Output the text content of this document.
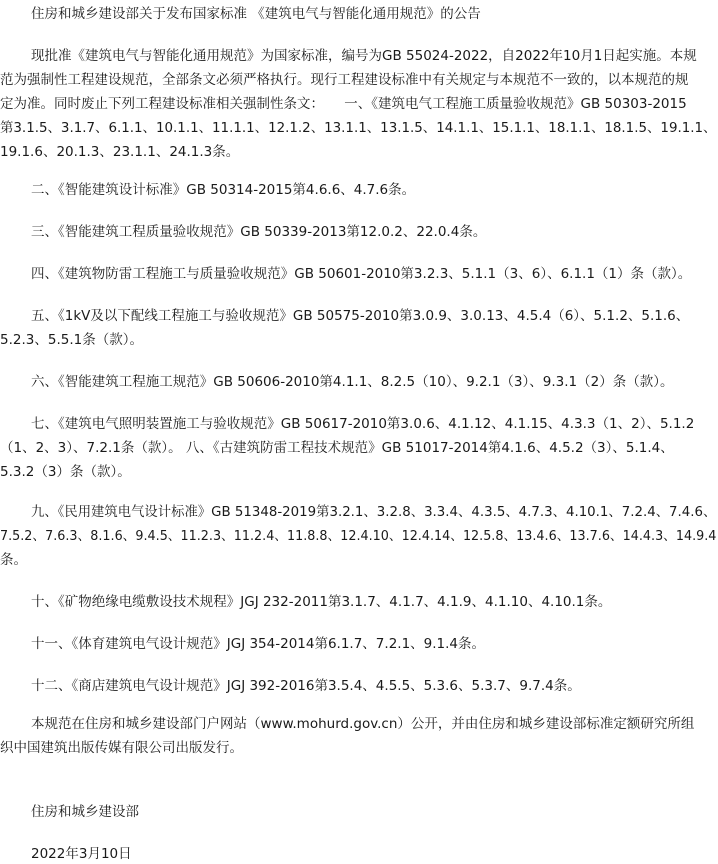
住房和城乡建设部关于发布国家标准 《建筑电气与智能化通用规范》的公告
现批准《建筑电气与智能化通用规范》为国家标准，编号为GB 55024-2022，自2022年10月1日起实施。本规
范为强制性工程建设规范，全部条文必须严格执行。现行工程建设标准中有关规定与本规范不一致的，以本规范的规
定为准。同时废止下列工程建设标准相关强制性条文：　　一、《建筑电气工程施工质量验收规范》GB 50303-2015
第3.1.5、3.1.7、6.1.1、10.1.1、11.1.1、12.1.2、13.1.1、13.1.5、14.1.1、15.1.1、18.1.1、18.1.5、19.1.1、
19.1.6、20.1.3、23.1.1、24.1.3条。
二、《智能建筑设计标准》GB 50314-2015第4.6.6、4.7.6条。
三、《智能建筑工程质量验收规范》GB 50339-2013第12.0.2、22.0.4条。
四、《建筑物防雷工程施工与质量验收规范》GB 50601-2010第3.2.3、5.1.1（3、6）、6.1.1（1）条（款）。
五、《1kV及以下配线工程施工与验收规范》GB 50575-2010第3.0.9、3.0.13、4.5.4（6）、5.1.2、5.1.6、
5.2.3、5.5.1条（款）。
六、《智能建筑工程施工规范》GB 50606-2010第4.1.1、8.2.5（10）、9.2.1（3）、9.3.1（2）条（款）。
七、《建筑电气照明装置施工与验收规范》GB 50617-2010第3.0.6、4.1.12、4.1.15、4.3.3（1、2）、5.1.2
（1、2、3）、7.2.1条（款）。 八、《古建筑防雷工程技术规范》GB 51017-2014第4.1.6、4.5.2（3）、5.1.4、
5.3.2（3）条（款）。
九、《民用建筑电气设计标准》GB 51348-2019第3.2.1、3.2.8、3.3.4、4.3.5、4.7.3、4.10.1、7.2.4、7.4.6、
7.5.2、7.6.3、8.1.6、9.4.5、11.2.3、11.2.4、11.8.8、12.4.10、12.4.14、12.5.8、13.4.6、13.7.6、14.4.3、14.9.4
条。
十、《矿物绝缘电缆敷设技术规程》JGJ 232-2011第3.1.7、4.1.7、4.1.9、4.1.10、4.10.1条。
十一、《体育建筑电气设计规范》JGJ 354-2014第6.1.7、7.2.1、9.1.4条。
十二、《商店建筑电气设计规范》JGJ 392-2016第3.5.4、4.5.5、5.3.6、5.3.7、9.7.4条。
本规范在住房和城乡建设部门户网站（www.mohurd.gov.cn）公开，并由住房和城乡建设部标准定额研究所组
织中国建筑出版传媒有限公司出版发行。
住房和城乡建设部
2022年3月10日
